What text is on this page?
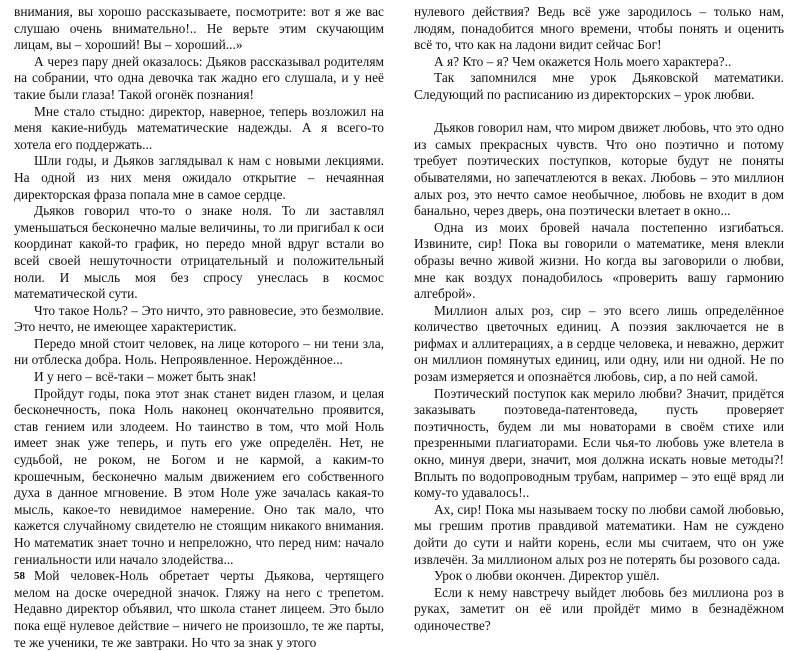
внимания, вы хорошо рассказываете, посмотрите: вот я же вас слушаю очень внимательно!.. Не верьте этим скучающим лицам, вы – хороший! Вы – хороший...»

А через пару дней оказалось: Дьяков рассказывал родителям на собрании, что одна девочка так жадно его слушала, и у неё такие были глаза! Такой огонёк познания!

Мне стало стыдно: директор, наверное, теперь возложил на меня какие-нибудь математические надежды. А я всего-то хотела его поддержать...

Шли годы, и Дьяков заглядывал к нам с новыми лекциями. На одной из них меня ожидало открытие – нечаянная директорская фраза попала мне в самое сердце.

Дьяков говорил что-то о знаке ноля. То ли заставлял уменьшаться бесконечно малые величины, то ли пригибал к оси координат какой-то график, но передо мной вдруг встали во всей своей нешуточности отрицательный и положительный ноли. И мысль моя без спросу унеслась в космос математической сути.

Что такое Ноль? – Это ничто, это равновесие, это безмолвие. Это нечто, не имеющее характеристик.

Передо мной стоит человек, на лице которого – ни тени зла, ни отблеска добра. Ноль. Непроявленное. Нерождённое...

И у него – всё-таки – может быть знак!

Пройдут годы, пока этот знак станет виден глазом, и целая бесконечность, пока Ноль наконец окончательно проявится, став гением или злодеем. Но таинство в том, что мой Ноль имеет знак уже теперь, и путь его уже определён. Нет, не судьбой, не роком, не Богом и не кармой, а каким-то крошечным, бесконечно малым движением его собственного духа в данное мгновение. В этом Ноле уже зачалась какая-то мысль, какое-то невидимое намерение. Оно так мало, что кажется случайному свидетелю не стоящим никакого внимания. Но математик знает точно и непреложно, что перед ним: начало гениальности или начало злодейства...

Мой человек-Ноль обретает черты Дьякова, чертящего мелом на доске очередной значок. Гляжу на него с трепетом. Недавно директор объявил, что школа станет лицеем. Это было пока ещё нулевое действие – ничего не произошло, те же парты, те же ученики, те же завтраки. Но что за знак у этого

58

нулевого действия? Ведь всё уже зародилось – только нам, людям, понадобится много времени, чтобы понять и оценить всё то, что как на ладони видит сейчас Бог!

А я? Кто – я? Чем окажется Ноль моего характера?..

Так запомнился мне урок Дьяковской математики. Следующий по расписанию из директорских – урок любви.

Дьяков говорил нам, что миром движет любовь, что это одно из самых прекрасных чувств. Что оно поэтично и потому требует поэтических поступков, которые будут не поняты обывателями, но запечатлеются в веках. Любовь – это миллион алых роз, это нечто самое необычное, любовь не входит в дом банально, через дверь, она поэтически влетает в окно...

Одна из моих бровей начала постепенно изгибаться. Извините, сир! Пока вы говорили о математике, меня влекли образы вечно живой жизни. Но когда вы заговорили о любви, мне как воздух понадобилось «проверить вашу гармонию алгеброй».

Миллион алых роз, сир – это всего лишь определённое количество цветочных единиц. А поэзия заключается не в рифмах и аллитерациях, а в сердце человека, и неважно, держит он миллион помянутых единиц, или одну, или ни одной. Не по розам измеряется и опознаётся любовь, сир, а по ней самой.

Поэтический поступок как мерило любви? Значит, придётся заказывать поэтоведа-патентоведа, пусть проверяет поэтичность, будем ли мы новаторами в своём стихе или презренными плагиаторами. Если чья-то любовь уже влетела в окно, минуя двери, значит, моя должна искать новые методы?! Вплыть по водопроводным трубам, например – это ещё вряд ли кому-то удавалось!..

Ах, сир! Пока мы называем тоску по любви самой любовью, мы грешим против правдивой математики. Нам не суждено дойти до сути и найти корень, если мы считаем, что он уже извлечён. За миллионом алых роз не потерять бы розового сада.

Урок о любви окончен. Директор ушёл.

Если к нему навстречу выйдет любовь без миллиона роз в руках, заметит он её или пройдёт мимо в безнадёжном одиночестве?
